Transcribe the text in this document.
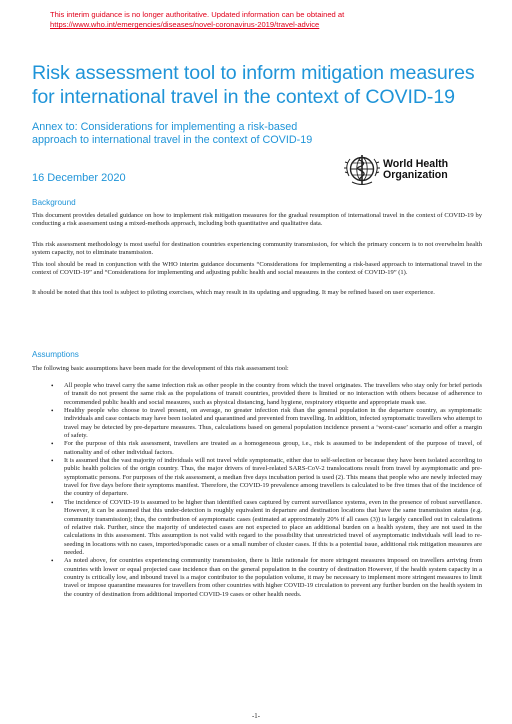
This interim guidance is no longer authoritative. Updated information can be obtained at
https://www.who.int/emergencies/diseases/novel-coronavirus-2019/travel-advice
Risk assessment tool to inform mitigation measures for international travel in the context of COVID-19
Annex to: Considerations for implementing a risk-based approach to international travel in the context of COVID-19
16 December 2020
World Health
Organization
Background

This document provides detailed guidance on how to implement risk mitigation measures for the gradual resumption of international travel in the context of COVID-19 by conducting a risk assessment using a mixed-methods approach, including both quantitative and qualitative data.

This risk assessment methodology is most useful for destination countries experiencing community transmission, for which the primary concern is to not overwhelm health system capacity, not to eliminate transmission.

This tool should be read in conjunction with the WHO interim guidance documents “Considerations for implementing a risk-based approach to international travel in the context of COVID-19” and “Considerations for implementing and adjusting public health and social measures in the context of COVID-19” (1).

It should be noted that this tool is subject to piloting exercises, which may result in its updating and upgrading. It may be refined based on user experience.

Assumptions

The following basic assumptions have been made for the development of this risk assessment tool:

• All people who travel carry the same infection risk as other people in the country from which the travel originates. The travellers who stay only for brief periods of transit do not present the same risk as the populations of transit countries, provided there is limited or no interaction with others because of adherence to recommended public health and social measures, such as physical distancing, hand hygiene, respiratory etiquette and appropriate mask use.
• Healthy people who choose to travel present, on average, no greater infection risk than the general population in the departure country, as symptomatic individuals and case contacts may have been isolated and quarantined and prevented from travelling. In addition, infected symptomatic travellers who attempt to travel may be detected by pre-departure measures. Thus, calculations based on general population incidence present a ‘worst-case’ scenario and offer a margin of safety.
• For the purpose of this risk assessment, travellers are treated as a homogeneous group, i.e., risk is assumed to be independent of the purpose of travel, of nationality and of other individual factors.
• It is assumed that the vast majority of individuals will not travel while symptomatic, either due to self-selection or because they have been isolated according to public health policies of the origin country. Thus, the major drivers of travel-related SARS-CoV-2 translocations result from travel by asymptomatic and pre-symptomatic persons. For purposes of the risk assessment, a median five days incubation period is used (2). This means that people who are newly infected may travel for five days before their symptoms manifest. Therefore, the COVID-19 prevalence among travellers is calculated to be five times that of the incidence of the country of departure.
• The incidence of COVID-19 is assumed to be higher than identified cases captured by current surveillance systems, even in the presence of robust surveillance. However, it can be assumed that this under-detection is roughly equivalent in departure and destination locations that have the same transmission status (e.g. community transmission); thus, the contribution of asymptomatic cases (estimated at approximately 20% if all cases (3)) is largely cancelled out in calculations of relative risk. Further, since the majority of undetected cases are not expected to place an additional burden on a health system, they are not used in the calculations in this assessment. This assumption is not valid with regard to the possibility that unrestricted travel of asymptomatic individuals will lead to re-seeding in locations with no cases, imported/sporadic cases or a small number of cluster cases. If this is a potential issue, additional risk mitigation measures are needed.
• As noted above, for countries experiencing community transmission, there is little rationale for more stringent measures imposed on travellers arriving from countries with lower or equal projected case incidence than on the general population in the country of destination However, if the health system capacity in a country is critically low, and inbound travel is a major contributor to the population volume, it may be necessary to implement more stringent measures to limit travel or impose quarantine measures for travellers from other countries with higher COVID-19 circulation to prevent any further burden on the health system in the country of destination from additional imported COVID-19 cases or other health needs.
-1-
